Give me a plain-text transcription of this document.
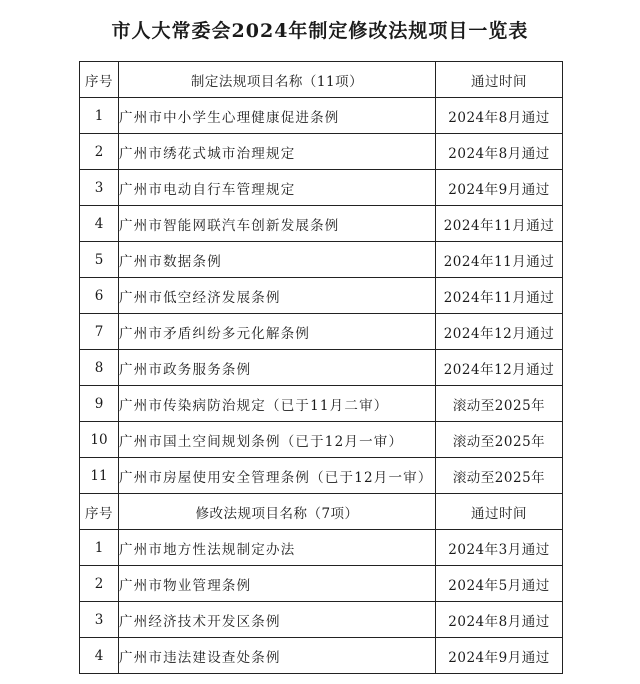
市人大常委会2024年制定修改法规项目一览表
序号	制定法规项目名称（11项）	通过时间
1	广州市中小学生心理健康促进条例	2024年8月通过
2	广州市绣花式城市治理规定	2024年8月通过
3	广州市电动自行车管理规定	2024年9月通过
4	广州市智能网联汽车创新发展条例	2024年11月通过
5	广州市数据条例	2024年11月通过
6	广州市低空经济发展条例	2024年11月通过
7	广州市矛盾纠纷多元化解条例	2024年12月通过
8	广州市政务服务条例	2024年12月通过
9	广州市传染病防治规定（已于11月二审）	滚动至2025年
10	广州市国土空间规划条例（已于12月一审）	滚动至2025年
11	广州市房屋使用安全管理条例（已于12月一审）	滚动至2025年
序号	修改法规项目名称（7项）	通过时间
1	广州市地方性法规制定办法	2024年3月通过
2	广州市物业管理条例	2024年5月通过
3	广州经济技术开发区条例	2024年8月通过
4	广州市违法建设查处条例	2024年9月通过
